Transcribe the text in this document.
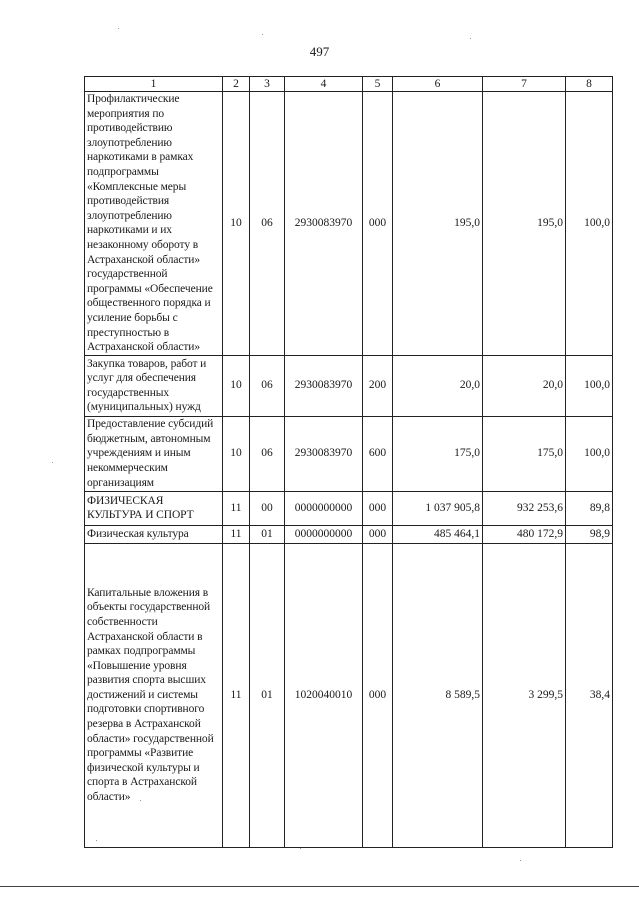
497
1	2	3	4	5	6	7	8
Профилактические мероприятия по противодействию злоупотреблению наркотиками в рамках подпрограммы «Комплексные меры противодействия злоупотреблению наркотиками и их незаконному обороту в Астраханской области» государственной программы «Обеспечение общественного порядка и усиление борьбы с преступностью в Астраханской области»	10	06	2930083970	000	195,0	195,0	100,0
Закупка товаров, работ и услуг для обеспечения государственных (муниципальных) нужд	10	06	2930083970	200	20,0	20,0	100,0
Предоставление субсидий бюджетным, автономным учреждениям и иным некоммерческим организациям	10	06	2930083970	600	175,0	175,0	100,0
ФИЗИЧЕСКАЯ КУЛЬТУРА И СПОРТ	11	00	0000000000	000	1 037 905,8	932 253,6	89,8
Физическая культура	11	01	0000000000	000	485 464,1	480 172,9	98,9
Капитальные вложения в объекты государственной собственности Астраханской области в рамках подпрограммы «Повышение уровня развития спорта высших достижений и системы подготовки спортивного резерва в Астраханской области» государственной программы «Развитие физической культуры и спорта в Астраханской области»	11	01	1020040010	000	8 589,5	3 299,5	38,4
